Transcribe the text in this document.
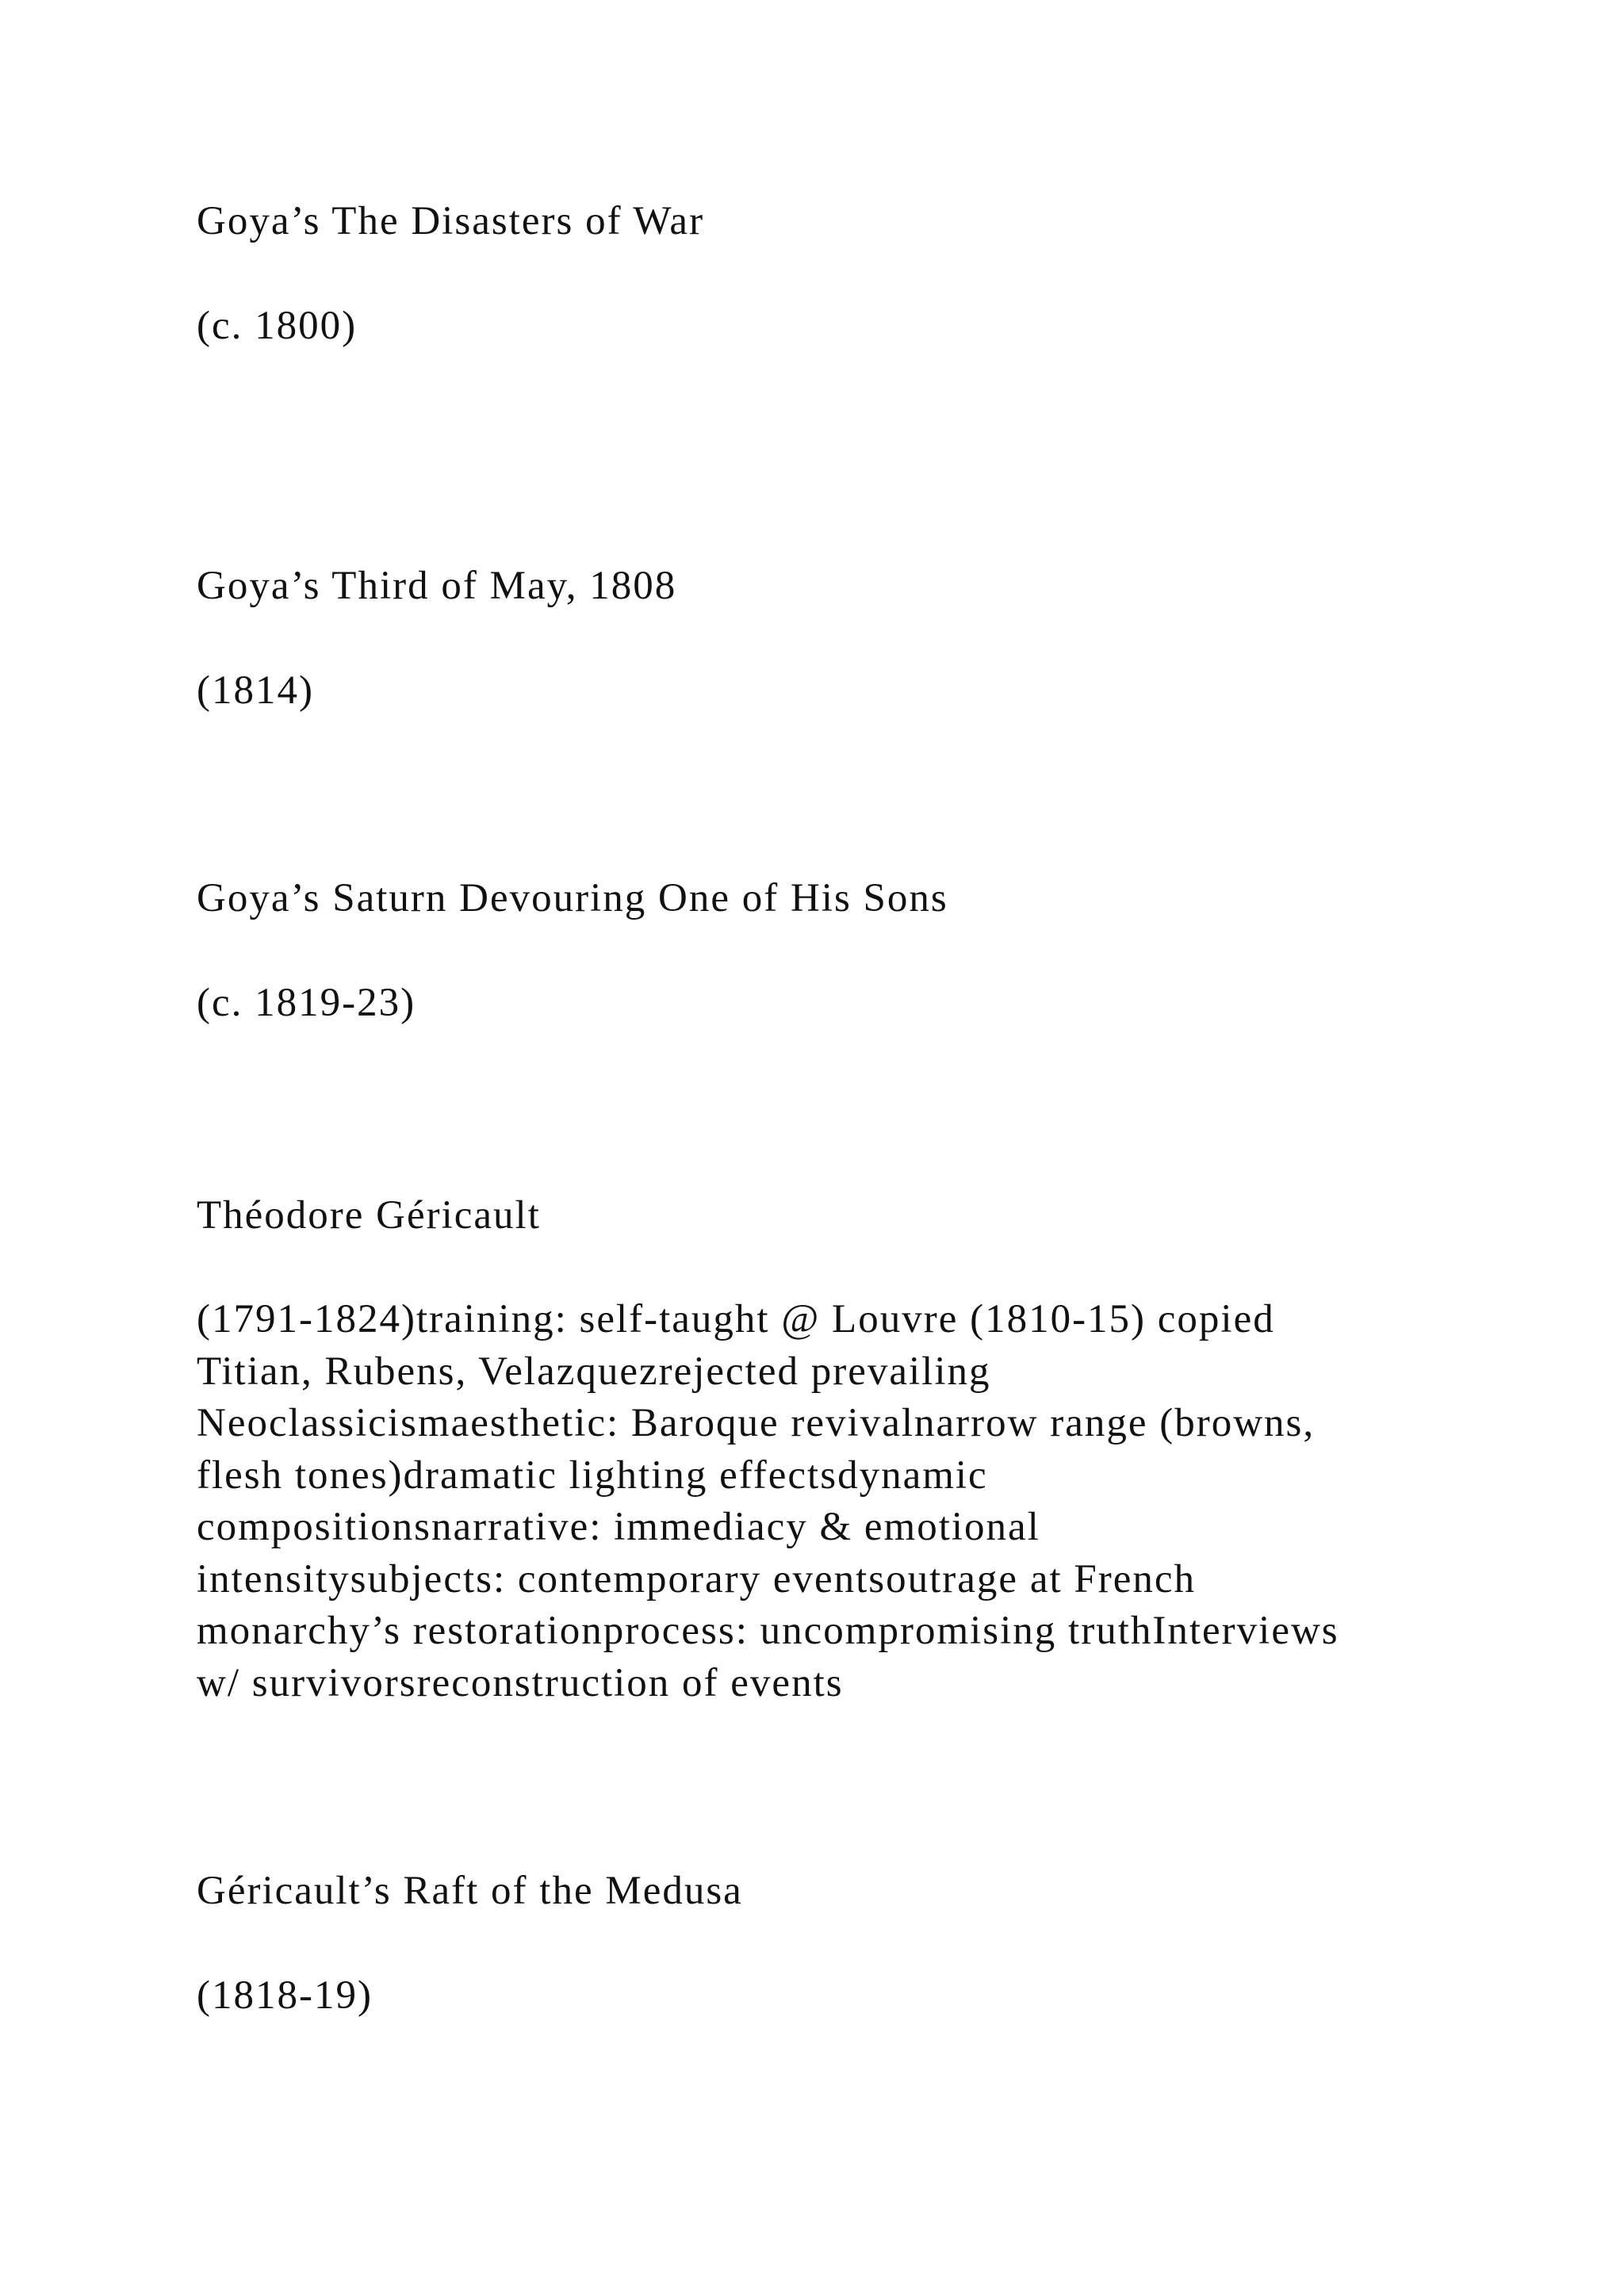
Goya’s The Disasters of War

(c. 1800)

Goya’s Third of May, 1808

(1814)

Goya’s Saturn Devouring One of His Sons

(c. 1819-23)

Théodore Géricault

(1791-1824)training: self-taught @ Louvre (1810-15) copied
Titian, Rubens, Velazquezrejected prevailing
Neoclassicismaesthetic: Baroque revivalnarrow range (browns,
flesh tones)dramatic lighting effectsdynamic
compositionsnarrative: immediacy & emotional
intensitysubjects: contemporary eventsoutrage at French
monarchy’s restorationprocess: uncompromising truthInterviews
w/ survivorsreconstruction of events

Géricault’s Raft of the Medusa

(1818-19)
